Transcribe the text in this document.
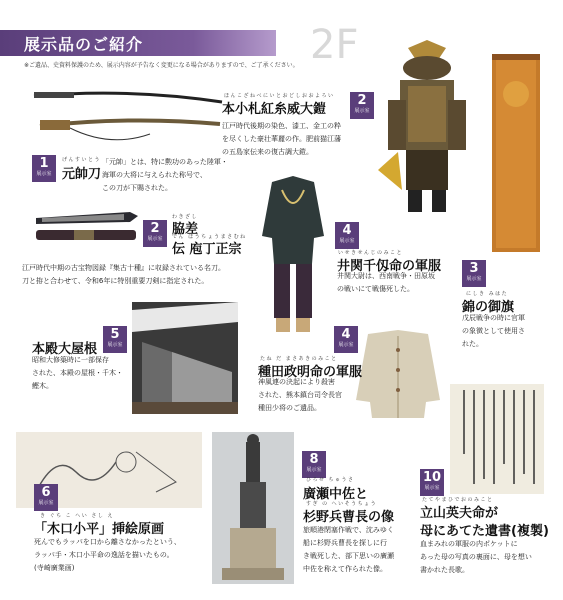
展示品のご紹介
※ご遺品、史資料保護のため、展示内容が予告なく変更になる場合がありますので、ご了承ください。 2F
1
展示室
げんすいとう
元帥刀
「元帥」とは、特に勲功のあった陸軍・
海軍の大将に与えられた称号で、
この刀が下賜された。
ほんこざねべにいとおどしおおよろい
本小札紅糸威大鎧
2
展示室
江戸時代後期の染色、漆工、金工の粋
を尽くした豪壮華麗の作。肥前猫江藩
の五島家伝来の復古調大鎧。
2
展示室
わきざし
脇差
でん ほうちょうまさむね
伝 庖丁正宗
江戸時代中期の古宝物図録『集古十種』に収録されている名刀。
刀と拵と合わせて、令和6年に特別重要刀剣に指定された。
4
展示室
いせきせんじのみこと
井関千仭命の軍服
井関大尉は、西南戦争・田原坂
の戦いにて戦傷死した。
3
展示室
にしき みはた
錦の御旗
戊辰戦争の時に官軍
の象徴として使用さ
れた。
本殿大屋根
5
展示室
昭和大修築時に一部保存
された、本殿の屋根・千木・
鰹木。
4
展示室
たね だ まさあきのみこと
種田政明命の軍服
神風連の決起により殺害
された、熊本鎮台司令長官
種田少将のご遺品。
6
展示室
き ぐち こ へい さし え
「木口小平」挿絵原画
死んでもラッパを口から離さなかったという、
ラッパ手・木口小平命の逸話を描いたもの。
(寺崎廣業画)
8
展示室
ひろせ ちゅうさ
廣瀬中佐と
すぎ の へいそうちょう
杉野兵曹長の像
旅順港閉塞作戦で、沈みゆく
船に杉野兵曹長を探しに行
き戦死した、部下思いの廣瀬
中佐を称えて作られた像。
10
展示室
たてやまひでおのみこと
立山英夫命が
母にあてた遺書(複製)
血まみれの軍服の内ポケットに
あった母の写真の裏面に、母を想い
書かれた長歌。
